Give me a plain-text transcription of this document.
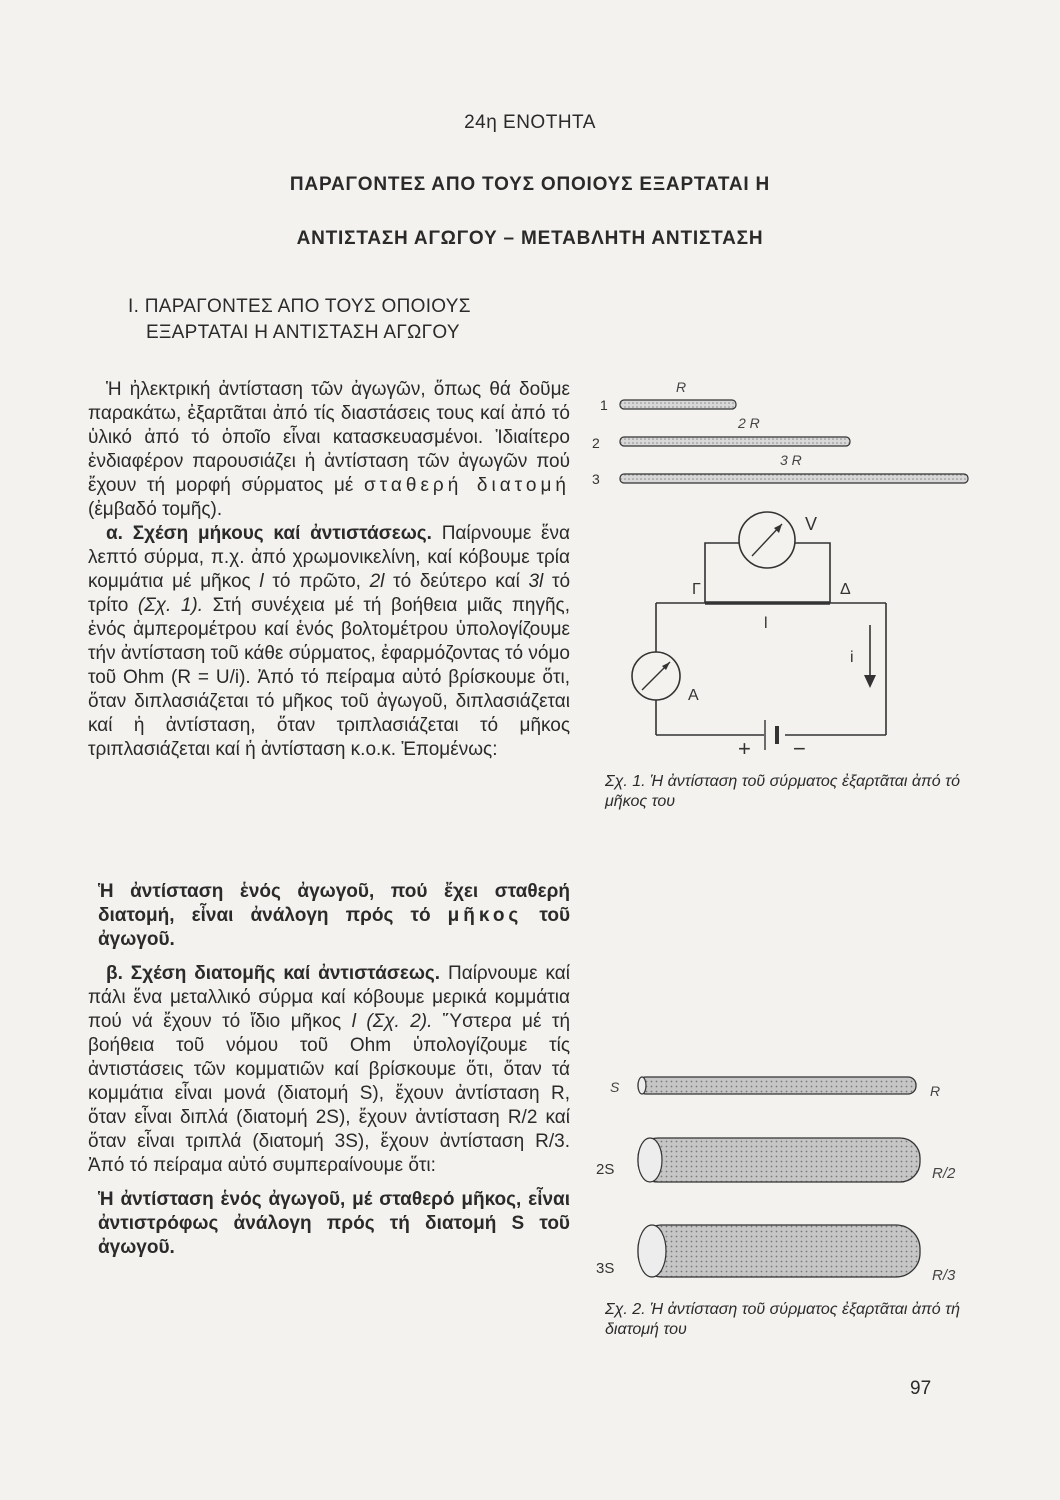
24η ΕΝΟΤΗΤΑ
ΠΑΡΑΓΟΝΤΕΣ ΑΠΟ ΤΟΥΣ ΟΠΟΙΟΥΣ ΕΞΑΡΤΑΤΑΙ Η
ΑΝΤΙΣΤΑΣΗ ΑΓΩΓΟΥ – ΜΕΤΑΒΛΗΤΗ ΑΝΤΙΣΤΑΣΗ
Ι. ΠΑΡΑΓΟΝΤΕΣ ΑΠΟ ΤΟΥΣ ΟΠΟΙΟΥΣ
ΕΞΑΡΤΑΤΑΙ Η ΑΝΤΙΣΤΑΣΗ ΑΓΩΓΟΥ

Ἡ ἠλεκτρική ἀντίσταση τῶν ἀγωγῶν, ὅπως θά δοῦμε παρακάτω, ἐξαρτᾶται ἀπό τίς διαστάσεις τους καί ἀπό τό ὑλικό ἀπό τό ὁποῖο εἶναι κατασκευασμένοι. Ἰδιαίτερο ἐνδιαφέρον παρουσιάζει ἡ ἀντίσταση τῶν ἀγωγῶν πού ἔχουν τή μορφή σύρματος μέ σταθερή διατομή (ἐμβαδό τομῆς).

α. Σχέση μήκους καί ἀντιστάσεως. Παίρνουμε ἕνα λεπτό σύρμα, π.χ. ἀπό χρωμονικελίνη, καί κόβουμε τρία κομμάτια μέ μῆκος l τό πρῶτο, 2l τό δεύτερο καί 3l τό τρίτο (Σχ. 1). Στή συνέχεια μέ τή βοήθεια μιᾶς πηγῆς, ἑνός ἀμπερομέτρου καί ἑνός βολτομέτρου ὑπολογίζουμε τήν ἀντίσταση τοῦ κάθε σύρματος, ἐφαρμόζοντας τό νόμο τοῦ Ohm (R = U/i). Ἀπό τό πείραμα αὐτό βρίσκουμε ὅτι, ὅταν διπλασιάζεται τό μῆκος τοῦ ἀγωγοῦ, διπλασιάζεται καί ἡ ἀντίσταση, ὅταν τριπλασιάζεται τό μῆκος τριπλασιάζεται καί ἡ ἀντίσταση κ.ο.κ. Ἐπομένως:

Ἡ ἀντίσταση ἑνός ἀγωγοῦ, πού ἔχει σταθερή διατομή, εἶναι ἀνάλογη πρός τό μῆκος τοῦ ἀγωγοῦ.

β. Σχέση διατομῆς καί ἀντιστάσεως. Παίρνουμε καί πάλι ἕνα μεταλλικό σύρμα καί κόβουμε μερικά κομμάτια πού νά ἔχουν τό ἴδιο μῆκος l (Σχ. 2). Ὕστερα μέ τή βοήθεια τοῦ νόμου τοῦ Ohm ὑπολογίζουμε τίς ἀντιστάσεις τῶν κομματιῶν καί βρίσκουμε ὅτι, ὅταν τά κομμάτια εἶναι μονά (διατομή S), ἔχουν ἀντίσταση R, ὅταν εἶναι διπλά (διατομή 2S), ἔχουν ἀντίσταση R/2 καί ὅταν εἶναι τριπλά (διατομή 3S), ἔχουν ἀντίσταση R/3. Ἀπό τό πείραμα αὐτό συμπεραίνουμε ὅτι:

Ἡ ἀντίσταση ἑνός ἀγωγοῦ, μέ σταθερό μῆκος, εἶναι ἀντιστρόφως ἀνάλογη πρός τή διατομή S τοῦ ἀγωγοῦ.

1
R
2
2 R
3
3 R
V
A
Γ	Δ
l
i
+ −
Σχ. 1. Ἡ ἀντίσταση τοῦ σύρματος ἐξαρτᾶται ἀπό τό μῆκος του
S	R
2S	R/2
3S	R/3
Σχ. 2. Ἡ ἀντίσταση τοῦ σύρματος ἐξαρτᾶται ἀπό τή διατομή του
97
